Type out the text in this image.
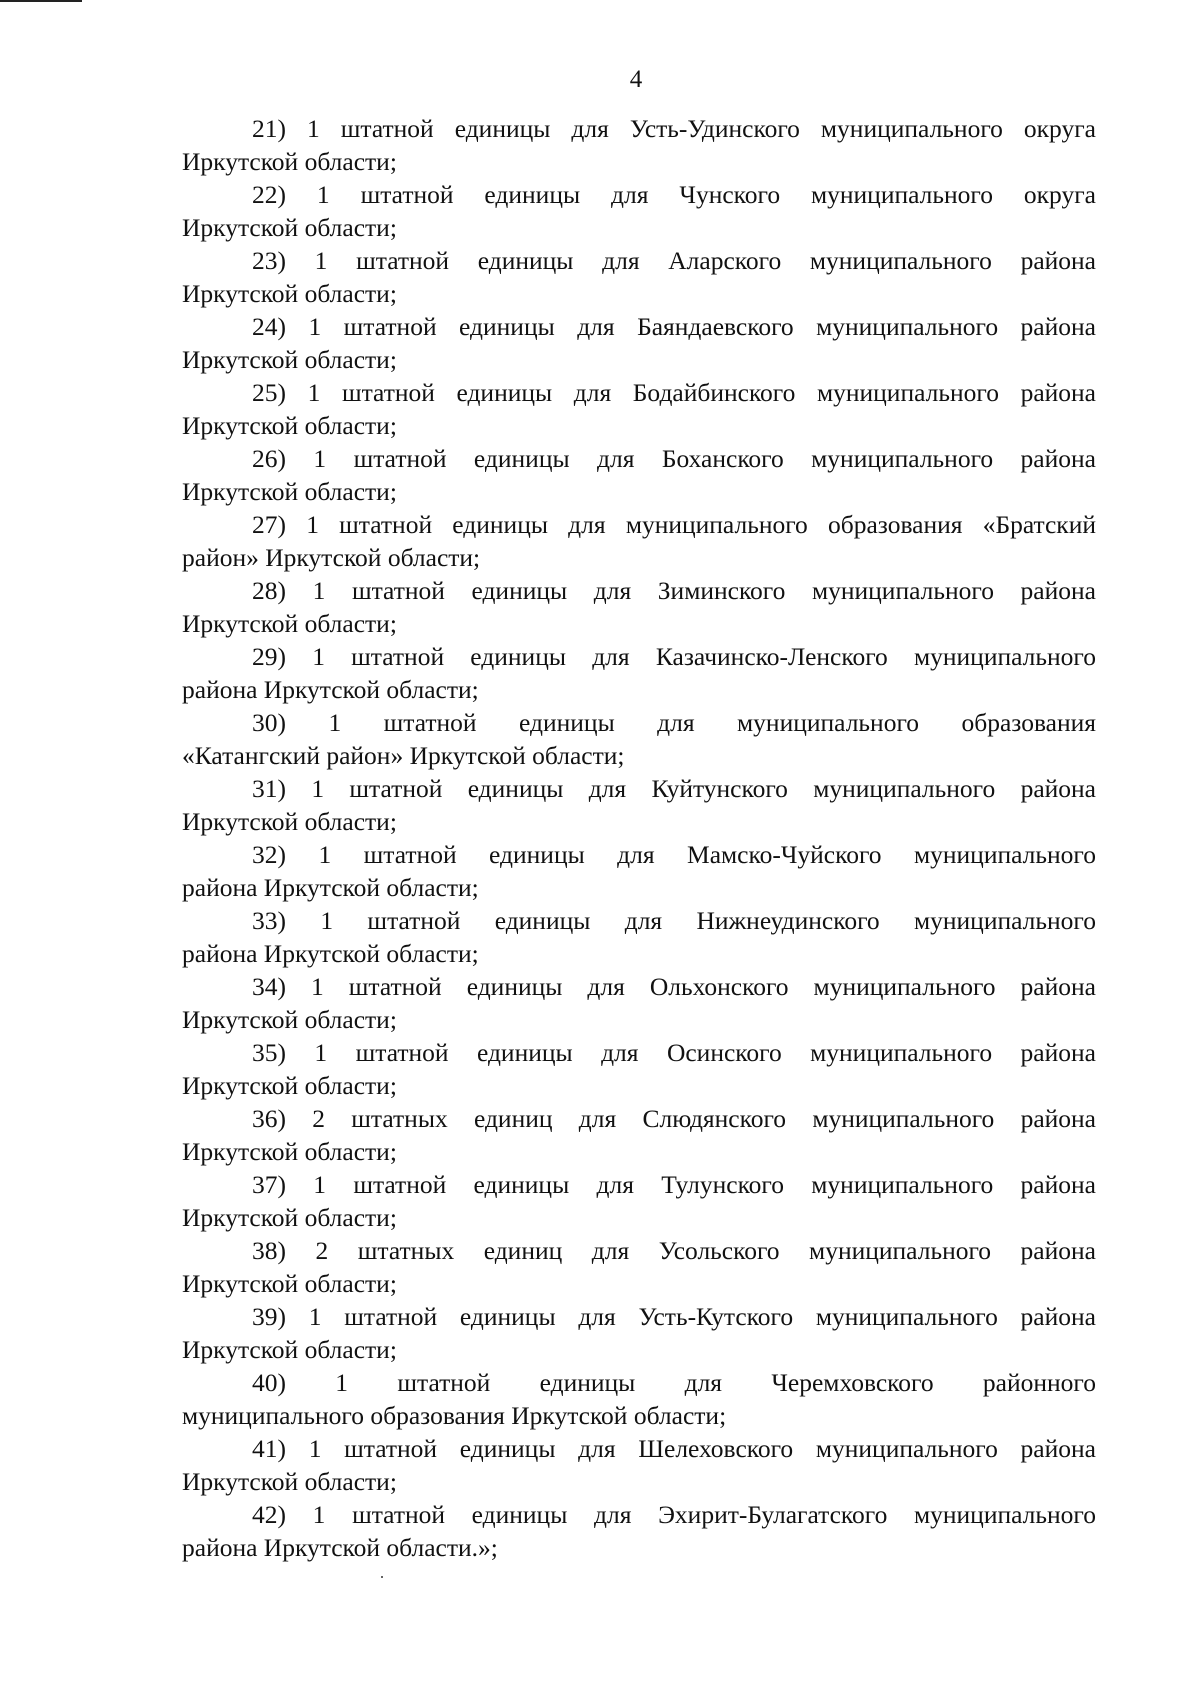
4

21) 1 штатной единицы для Усть-Удинского муниципального округа
Иркутской области;

22) 1 штатной единицы для Чунского муниципального округа
Иркутской области;

23) 1 штатной единицы для Аларского муниципального района
Иркутской области;

24) 1 штатной единицы для Баяндаевского муниципального района
Иркутской области;

25) 1 штатной единицы для Бодайбинского муниципального района
Иркутской области;

26) 1 штатной единицы для Боханского муниципального района
Иркутской области;

27) 1 штатной единицы для муниципального образования «Братский
район» Иркутской области;

28) 1 штатной единицы для Зиминского муниципального района
Иркутской области;

29) 1 штатной единицы для Казачинско-Ленского муниципального
района Иркутской области;

30) 1 штатной единицы для муниципального образования
«Катангский район» Иркутской области;

31) 1 штатной единицы для Куйтунского муниципального района
Иркутской области;

32) 1 штатной единицы для Мамско-Чуйского муниципального
района Иркутской области;

33) 1 штатной единицы для Нижнеудинского муниципального
района Иркутской области;

34) 1 штатной единицы для Ольхонского муниципального района
Иркутской области;

35) 1 штатной единицы для Осинского муниципального района
Иркутской области;

36) 2 штатных единиц для Слюдянского муниципального района
Иркутской области;

37) 1 штатной единицы для Тулунского муниципального района
Иркутской области;

38) 2 штатных единиц для Усольского муниципального района
Иркутской области;

39) 1 штатной единицы для Усть-Кутского муниципального района
Иркутской области;

40) 1 штатной единицы для Черемховского районного
муниципального образования Иркутской области;

41) 1 штатной единицы для Шелеховского муниципального района
Иркутской области;

42) 1 штатной единицы для Эхирит-Булагатского муниципального
района Иркутской области.»;
